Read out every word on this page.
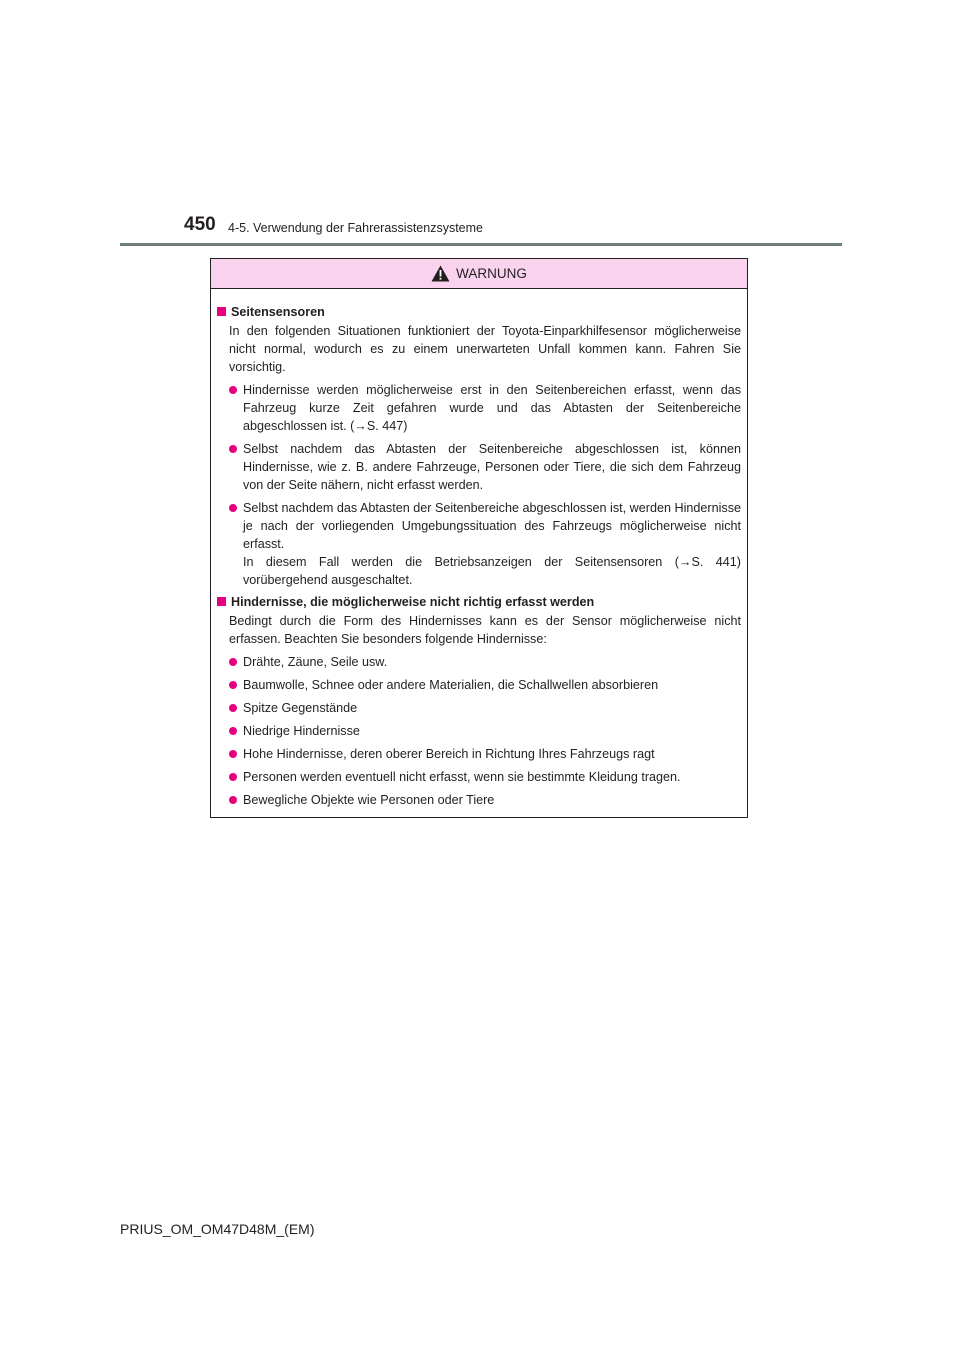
450 4-5. Verwendung der Fahrerassistenzsysteme
WARNUNG
Seitensensoren
In den folgenden Situationen funktioniert der Toyota-Einparkhilfesensor möglicherweise nicht normal, wodurch es zu einem unerwarteten Unfall kommen kann. Fahren Sie vorsichtig.
Hindernisse werden möglicherweise erst in den Seitenbereichen erfasst, wenn das Fahrzeug kurze Zeit gefahren wurde und das Abtasten der Seitenbereiche abgeschlossen ist. (→S. 447)
Selbst nachdem das Abtasten der Seitenbereiche abgeschlossen ist, können Hindernisse, wie z. B. andere Fahrzeuge, Personen oder Tiere, die sich dem Fahrzeug von der Seite nähern, nicht erfasst werden.
Selbst nachdem das Abtasten der Seitenbereiche abgeschlossen ist, werden Hindernisse je nach der vorliegenden Umgebungssituation des Fahrzeugs möglicherweise nicht erfasst.
In diesem Fall werden die Betriebsanzeigen der Seitensensoren (→S. 441) vorübergehend ausgeschaltet.
Hindernisse, die möglicherweise nicht richtig erfasst werden
Bedingt durch die Form des Hindernisses kann es der Sensor möglicherweise nicht erfassen. Beachten Sie besonders folgende Hindernisse:
Drähte, Zäune, Seile usw.
Baumwolle, Schnee oder andere Materialien, die Schallwellen absorbieren
Spitze Gegenstände
Niedrige Hindernisse
Hohe Hindernisse, deren oberer Bereich in Richtung Ihres Fahrzeugs ragt
Personen werden eventuell nicht erfasst, wenn sie bestimmte Kleidung tragen.
Bewegliche Objekte wie Personen oder Tiere
PRIUS_OM_OM47D48M_(EM)
